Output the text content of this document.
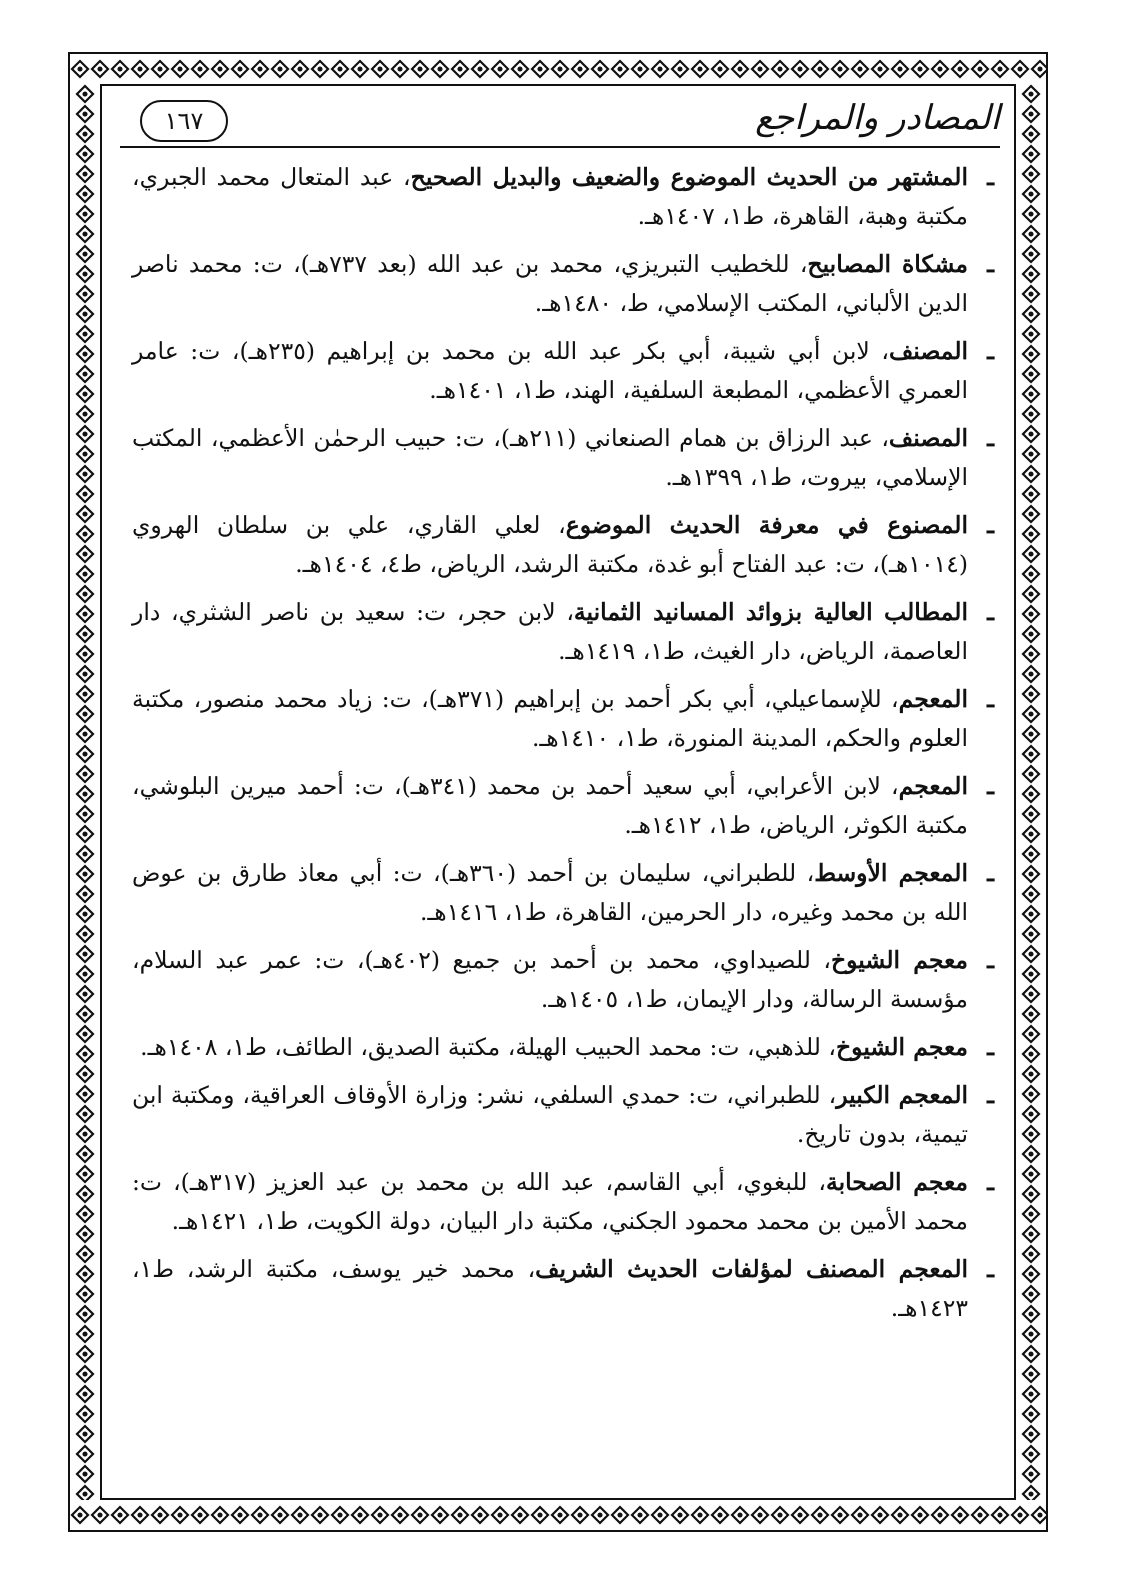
المصادر والمراجع
١٦٧
ـ
المشتهر من الحديث الموضوع والضعيف والبديل الصحيح، عبد المتعال محمد الجبري، مكتبة وهبة، القاهرة، ط١، ١٤٠٧هـ.
ـ
مشكاة المصابيح، للخطيب التبريزي، محمد بن عبد الله (بعد ٧٣٧هـ)، ت: محمد ناصر الدين الألباني، المكتب الإسلامي، ط، ١٤٨٠هـ.
ـ
المصنف، لابن أبي شيبة، أبي بكر عبد الله بن محمد بن إبراهيم (٢٣٥هـ)، ت: عامر العمري الأعظمي، المطبعة السلفية، الهند، ط١، ١٤٠١هـ.
ـ
المصنف، عبد الرزاق بن همام الصنعاني (٢١١هـ)، ت: حبيب الرحمٰن الأعظمي، المكتب الإسلامي، بيروت، ط١، ١٣٩٩هـ.
ـ
المصنوع في معرفة الحديث الموضوع، لعلي القاري، علي بن سلطان الهروي (١٠١٤هـ)، ت: عبد الفتاح أبو غدة، مكتبة الرشد، الرياض، ط٤، ١٤٠٤هـ.
ـ
المطالب العالية بزوائد المسانيد الثمانية، لابن حجر، ت: سعيد بن ناصر الشثري، دار العاصمة، الرياض، دار الغيث، ط١، ١٤١٩هـ.
ـ
المعجم، للإسماعيلي، أبي بكر أحمد بن إبراهيم (٣٧١هـ)، ت: زياد محمد منصور، مكتبة العلوم والحكم، المدينة المنورة، ط١، ١٤١٠هـ.
ـ
المعجم، لابن الأعرابي، أبي سعيد أحمد بن محمد (٣٤١هـ)، ت: أحمد ميرين البلوشي، مكتبة الكوثر، الرياض، ط١، ١٤١٢هـ.
ـ
المعجم الأوسط، للطبراني، سليمان بن أحمد (٣٦٠هـ)، ت: أبي معاذ طارق بن عوض الله بن محمد وغيره، دار الحرمين، القاهرة، ط١، ١٤١٦هـ.
ـ
معجم الشيوخ، للصيداوي، محمد بن أحمد بن جميع (٤٠٢هـ)، ت: عمر عبد السلام، مؤسسة الرسالة، ودار الإيمان، ط١، ١٤٠٥هـ.
ـ
معجم الشيوخ، للذهبي، ت: محمد الحبيب الهيلة، مكتبة الصديق، الطائف، ط١، ١٤٠٨هـ.
ـ
المعجم الكبير، للطبراني، ت: حمدي السلفي، نشر: وزارة الأوقاف العراقية، ومكتبة ابن تيمية، بدون تاريخ.
ـ
معجم الصحابة، للبغوي، أبي القاسم، عبد الله بن محمد بن عبد العزيز (٣١٧هـ)، ت: محمد الأمين بن محمد محمود الجكني، مكتبة دار البيان، دولة الكويت، ط١، ١٤٢١هـ.
ـ
المعجم المصنف لمؤلفات الحديث الشريف، محمد خير يوسف، مكتبة الرشد، ط١، ١٤٢٣هـ.
